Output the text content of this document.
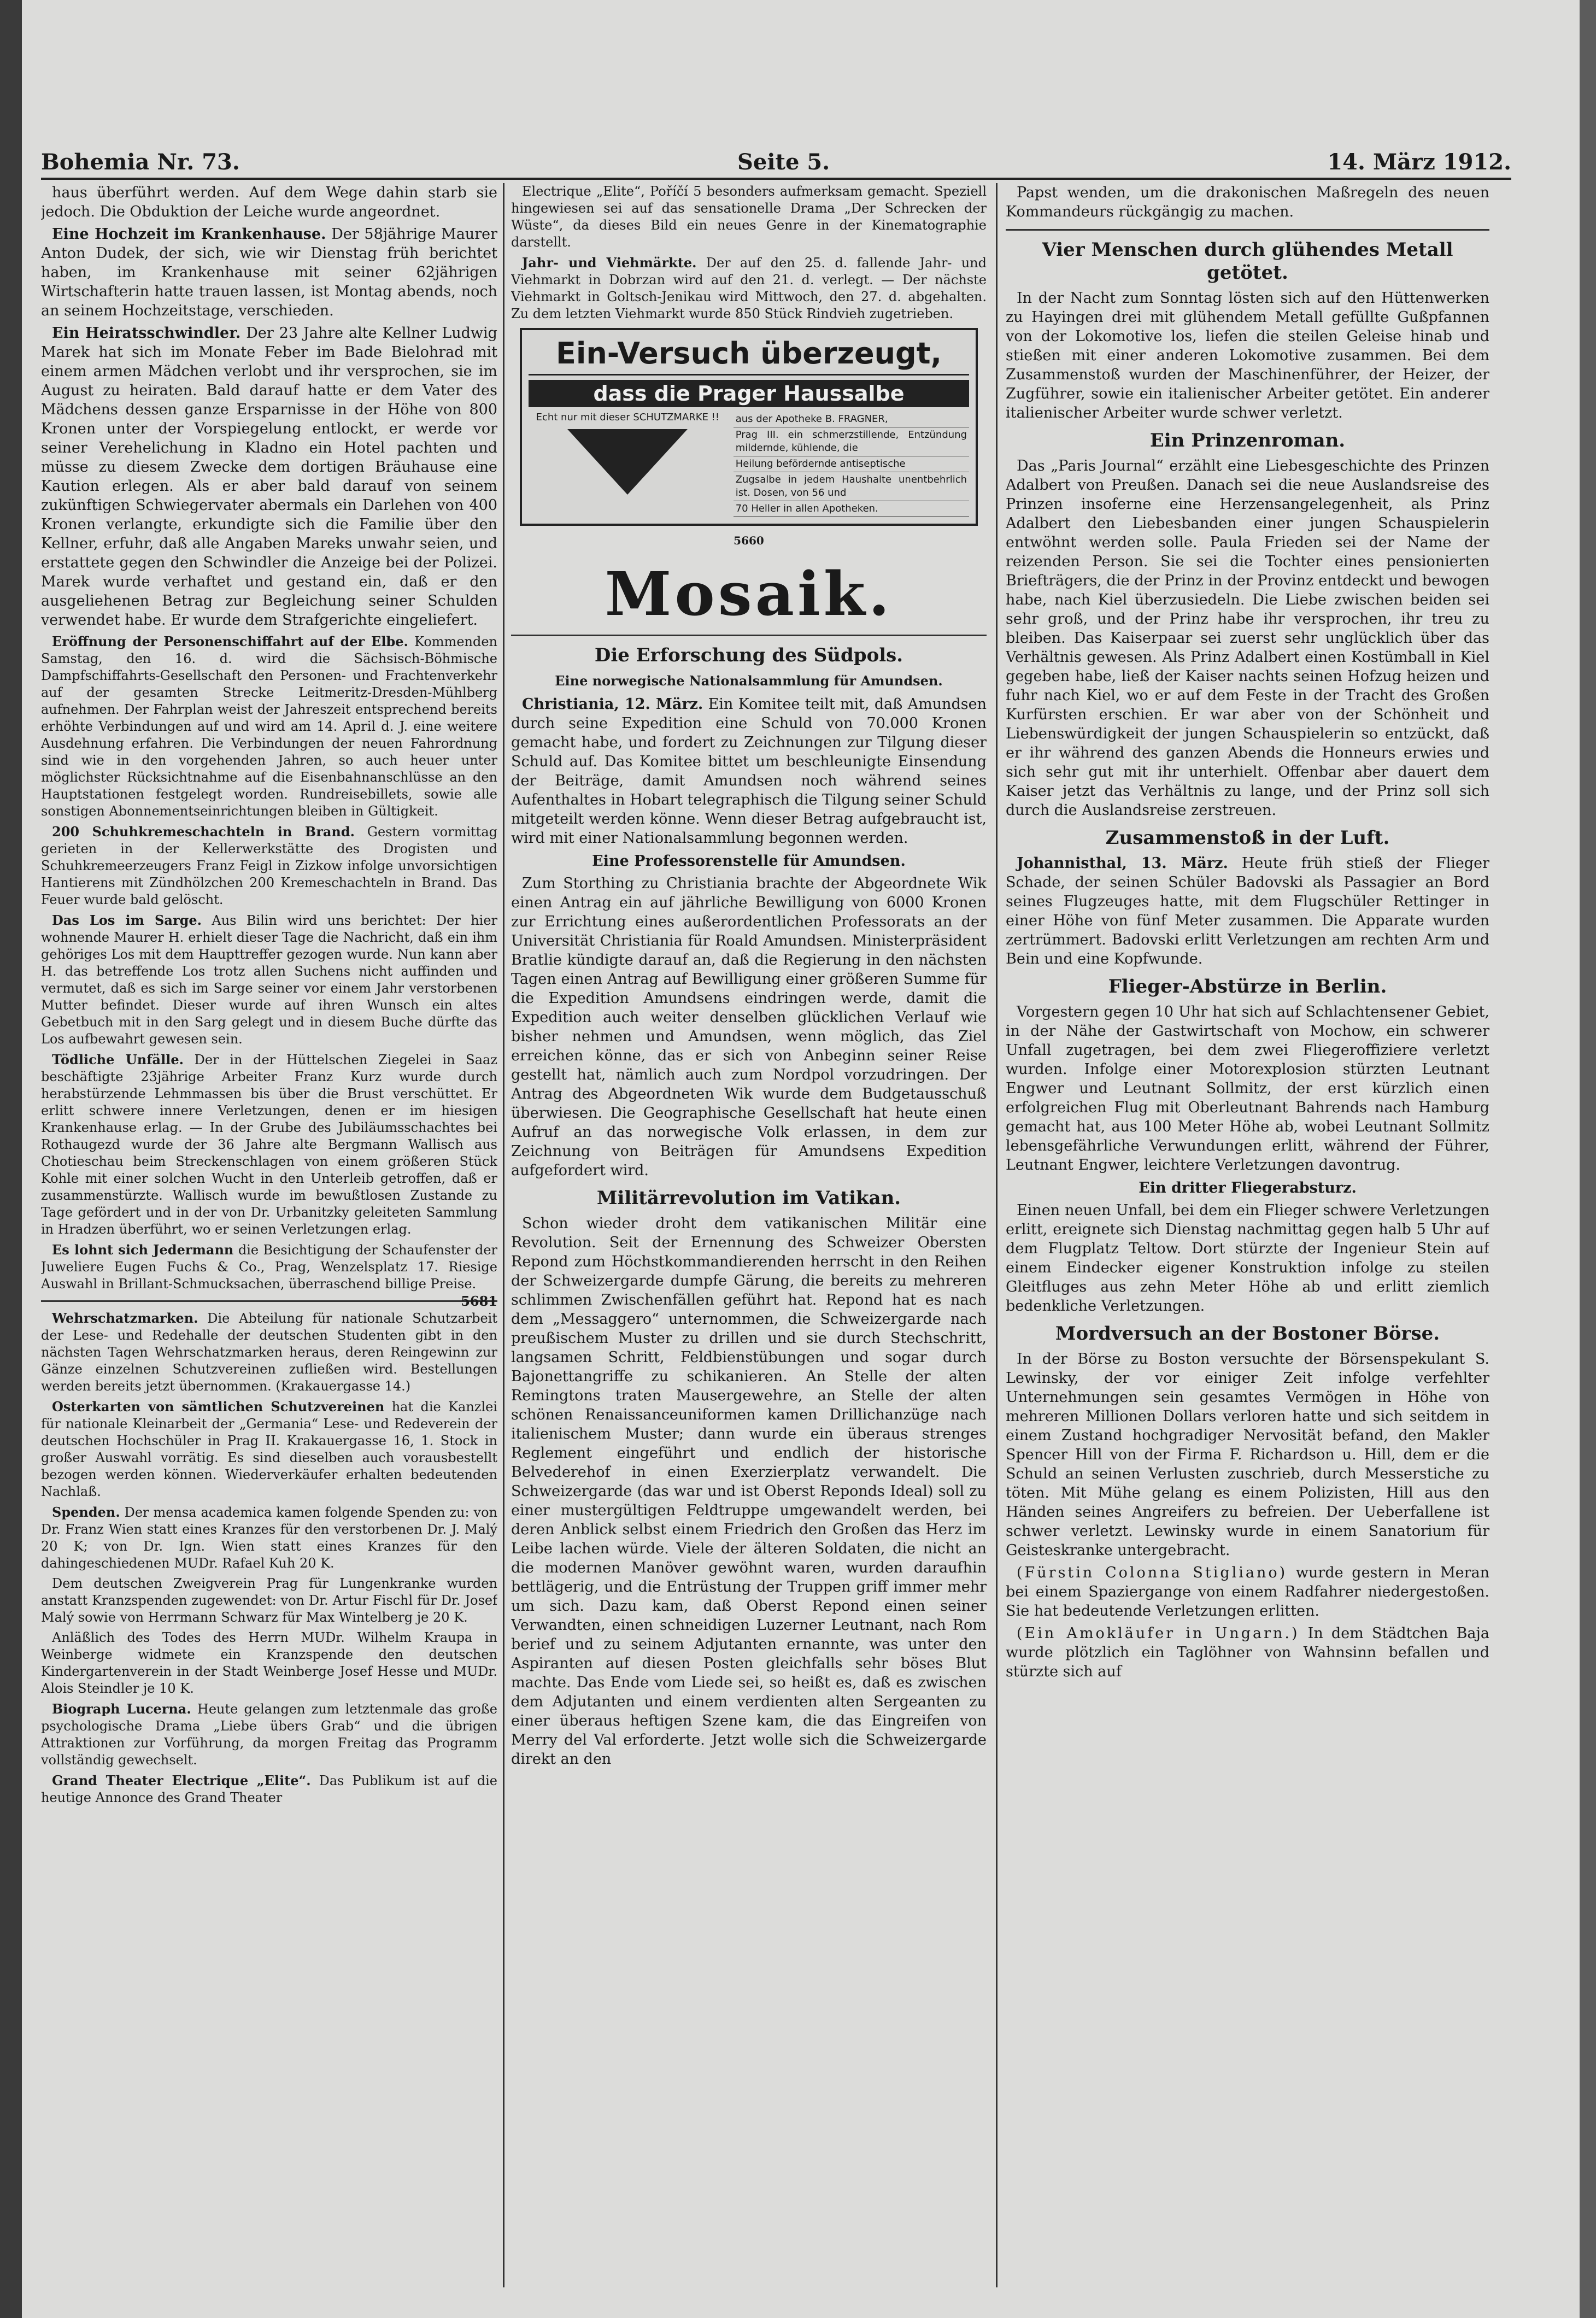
Bohemia Nr. 73.	Seite 5.	14. März 1912.

haus überführt werden. Auf dem Wege dahin starb sie jedoch. Die Obduktion der Leiche wurde angeordnet.

Eine Hochzeit im Krankenhause. Der 58jährige Maurer Anton Dudek, der sich, wie wir Dienstag früh berichtet haben, im Krankenhause mit seiner 62jährigen Wirtschafterin hatte trauen lassen, ist Montag abends, noch an seinem Hochzeitstage, verschieden.

Ein Heiratsschwindler. Der 23 Jahre alte Kellner Ludwig Marek hat sich im Monate Feber im Bade Bielohrad mit einem armen Mädchen verlobt und ihr versprochen, sie im August zu heiraten. Bald darauf hatte er dem Vater des Mädchens dessen ganze Ersparnisse in der Höhe von 800 Kronen unter der Vorspiegelung entlockt, er werde vor seiner Verehelichung in Kladno ein Hotel pachten und müsse zu diesem Zwecke dem dortigen Bräuhause eine Kaution erlegen. Als er aber bald darauf von seinem zukünftigen Schwiegervater abermals ein Darlehen von 400 Kronen verlangte, erkundigte sich die Familie über den Kellner, erfuhr, daß alle Angaben Mareks unwahr seien, und erstattete gegen den Schwindler die Anzeige bei der Polizei. Marek wurde verhaftet und gestand ein, daß er den ausgeliehenen Betrag zur Begleichung seiner Schulden verwendet habe. Er wurde dem Strafgerichte eingeliefert.

Eröffnung der Personenschiffahrt auf der Elbe. Kommenden Samstag, den 16. d. wird die Sächsisch-Böhmische Dampfschiffahrts-Gesellschaft den Personen- und Frachtenverkehr auf der gesamten Strecke Leitmeritz-Dresden-Mühlberg aufnehmen. Der Fahrplan weist der Jahreszeit entsprechend bereits erhöhte Verbindungen auf und wird am 14. April d. J. eine weitere Ausdehnung erfahren. Die Verbindungen der neuen Fahrordnung sind wie in den vorgehenden Jahren, so auch heuer unter möglichster Rücksichtnahme auf die Eisenbahnanschlüsse an den Hauptstationen festgelegt worden. Rundreisebillets, sowie alle sonstigen Abonnementseinrichtungen bleiben in Gültigkeit.

200 Schuhkremeschachteln in Brand. Gestern vormittag gerieten in der Kellerwerkstätte des Drogisten und Schuhkremeerzeugers Franz Feigl in Zizkow infolge unvorsichtigen Hantierens mit Zündhölzchen 200 Kremeschachteln in Brand. Das Feuer wurde bald gelöscht.

Das Los im Sarge. Aus Bilin wird uns berichtet: Der hier wohnende Maurer H. erhielt dieser Tage die Nachricht, daß ein ihm gehöriges Los mit dem Haupttreffer gezogen wurde. Nun kann aber H. das betreffende Los trotz allen Suchens nicht auffinden und vermutet, daß es sich im Sarge seiner vor einem Jahr verstorbenen Mutter befindet. Dieser wurde auf ihren Wunsch ein altes Gebetbuch mit in den Sarg gelegt und in diesem Buche dürfte das Los aufbewahrt gewesen sein.

Tödliche Unfälle. Der in der Hüttelschen Ziegelei in Saaz beschäftigte 23jährige Arbeiter Franz Kurz wurde durch herabstürzende Lehmmassen bis über die Brust verschüttet. Er erlitt schwere innere Verletzungen, denen er im hiesigen Krankenhause erlag. — In der Grube des Jubiläumsschachtes bei Rothaugezd wurde der 36 Jahre alte Bergmann Wallisch aus Chotieschau beim Streckenschlagen von einem größeren Stück Kohle mit einer solchen Wucht in den Unterleib getroffen, daß er zusammenstürzte. Wallisch wurde im bewußtlosen Zustande zu Tage gefördert und in der von Dr. Urbanitzky geleiteten Sammlung in Hradzen überführt, wo er seinen Verletzungen erlag.

Es lohnt sich Jedermann die Besichtigung der Schaufenster der Juweliere Eugen Fuchs & Co., Prag, Wenzelsplatz 17. Riesige Auswahl in Brillant-Schmucksachen, überraschend billige Preise.
5681

Wehrschatzmarken. Die Abteilung für nationale Schutzarbeit der Lese- und Redehalle der deutschen Studenten gibt in den nächsten Tagen Wehrschatzmarken heraus, deren Reingewinn zur Gänze einzelnen Schutzvereinen zufließen wird. Bestellungen werden bereits jetzt übernommen. (Krakauergasse 14.)

Osterkarten von sämtlichen Schutzvereinen hat die Kanzlei für nationale Kleinarbeit der „Germania“ Lese- und Redeverein der deutschen Hochschüler in Prag II. Krakauergasse 16, 1. Stock in großer Auswahl vorrätig. Es sind dieselben auch vorausbestellt bezogen werden können. Wiederverkäufer erhalten bedeutenden Nachlaß.

Spenden. Der mensa academica kamen folgende Spenden zu: von Dr. Franz Wien statt eines Kranzes für den verstorbenen Dr. J. Malý 20 K; von Dr. Ign. Wien statt eines Kranzes für den dahingeschiedenen MUDr. Rafael Kuh 20 K.

Dem deutschen Zweigverein Prag für Lungenkranke wurden anstatt Kranzspenden zugewendet: von Dr. Artur Fischl für Dr. Josef Malý sowie von Herrmann Schwarz für Max Wintelberg je 20 K.

Anläßlich des Todes des Herrn MUDr. Wilhelm Kraupa in Weinberge widmete ein Kranzspende den deutschen Kindergartenverein in der Stadt Weinberge Josef Hesse und MUDr. Alois Steindler je 10 K.

Biograph Lucerna. Heute gelangen zum letztenmale das große psychologische Drama „Liebe übers Grab“ und die übrigen Attraktionen zur Vorführung, da morgen Freitag das Programm vollständig gewechselt.

Grand Theater Electrique „Elite“. Das Publikum ist auf die heutige Annonce des Grand Theater

Electrique „Elite“, Poříčí 5 besonders aufmerksam gemacht. Speziell hingewiesen sei auf das sensationelle Drama „Der Schrecken der Wüste“, da dieses Bild ein neues Genre in der Kinematographie darstellt.

Jahr- und Viehmärkte. Der auf den 25. d. fallende Jahr- und Viehmarkt in Dobrzan wird auf den 21. d. verlegt. — Der nächste Viehmarkt in Goltsch-Jenikau wird Mittwoch, den 27. d. abgehalten. Zu dem letzten Viehmarkt wurde 850 Stück Rindvieh zugetrieben.

Ein-Versuch überzeugt,
dass die Prager Haussalbe
Echt nur mit dieser SCHUTZMARKE !!	aus der Apotheke B. FRAGNER,
Prag III. ein schmerzstillende, Entzündung mildernde, kühlende, die
Heilung befördernde antiseptische
Zugsalbe in jedem Haushalte unentbehrlich ist. Dosen, von 56 und
70 Heller in allen Apotheken.
5660
Mosaik.
Die Erforschung des Südpols.
Eine norwegische Nationalsammlung für Amundsen.

Christiania, 12. März. Ein Komitee teilt mit, daß Amundsen durch seine Expedition eine Schuld von 70.000 Kronen gemacht habe, und fordert zu Zeichnungen zur Tilgung dieser Schuld auf. Das Komitee bittet um beschleunigte Einsendung der Beiträge, damit Amundsen noch während seines Aufenthaltes in Hobart telegraphisch die Tilgung seiner Schuld mitgeteilt werden könne. Wenn dieser Betrag aufgebraucht ist, wird mit einer Nationalsammlung begonnen werden.

Eine Professorenstelle für Amundsen.

Zum Storthing zu Christiania brachte der Abgeordnete Wik einen Antrag ein auf jährliche Bewilligung von 6000 Kronen zur Errichtung eines außerordentlichen Professorats an der Universität Christiania für Roald Amundsen. Ministerpräsident Bratlie kündigte darauf an, daß die Regierung in den nächsten Tagen einen Antrag auf Bewilligung einer größeren Summe für die Expedition Amundsens eindringen werde, damit die Expedition auch weiter denselben glücklichen Verlauf wie bisher nehmen und Amundsen, wenn möglich, das Ziel erreichen könne, das er sich von Anbeginn seiner Reise gestellt hat, nämlich auch zum Nordpol vorzudringen. Der Antrag des Abgeordneten Wik wurde dem Budgetausschuß überwiesen. Die Geographische Gesellschaft hat heute einen Aufruf an das norwegische Volk erlassen, in dem zur Zeichnung von Beiträgen für Amundsens Expedition aufgefordert wird.

Militärrevolution im Vatikan.

Schon wieder droht dem vatikanischen Militär eine Revolution. Seit der Ernennung des Schweizer Obersten Repond zum Höchstkommandierenden herrscht in den Reihen der Schweizergarde dumpfe Gärung, die bereits zu mehreren schlimmen Zwischenfällen geführt hat. Repond hat es nach dem „Messaggero“ unternommen, die Schweizergarde nach preußischem Muster zu drillen und sie durch Stechschritt, langsamen Schritt, Feldbienstübungen und sogar durch Bajonettangriffe zu schikanieren. An Stelle der alten Remingtons traten Mausergewehre, an Stelle der alten schönen Renaissanceuniformen kamen Drillichanzüge nach italienischem Muster; dann wurde ein überaus strenges Reglement eingeführt und endlich der historische Belvederehof in einen Exerzierplatz verwandelt. Die Schweizergarde (das war und ist Oberst Reponds Ideal) soll zu einer mustergültigen Feldtruppe umgewandelt werden, bei deren Anblick selbst einem Friedrich den Großen das Herz im Leibe lachen würde. Viele der älteren Soldaten, die nicht an die modernen Manöver gewöhnt waren, wurden daraufhin bettlägerig, und die Entrüstung der Truppen griff immer mehr um sich. Dazu kam, daß Oberst Repond einen seiner Verwandten, einen schneidigen Luzerner Leutnant, nach Rom berief und zu seinem Adjutanten ernannte, was unter den Aspiranten auf diesen Posten gleichfalls sehr böses Blut machte. Das Ende vom Liede sei, so heißt es, daß es zwischen dem Adjutanten und einem verdienten alten Sergeanten zu einer überaus heftigen Szene kam, die das Eingreifen von Merry del Val erforderte. Jetzt wolle sich die Schweizergarde direkt an den

Papst wenden, um die drakonischen Maßregeln des neuen Kommandeurs rückgängig zu machen.

Vier Menschen durch glühendes Metall getötet.

In der Nacht zum Sonntag lösten sich auf den Hüttenwerken zu Hayingen drei mit glühendem Metall gefüllte Gußpfannen von der Lokomotive los, liefen die steilen Geleise hinab und stießen mit einer anderen Lokomotive zusammen. Bei dem Zusammenstoß wurden der Maschinenführer, der Heizer, der Zugführer, sowie ein italienischer Arbeiter getötet. Ein anderer italienischer Arbeiter wurde schwer verletzt.

Ein Prinzenroman.

Das „Paris Journal“ erzählt eine Liebesgeschichte des Prinzen Adalbert von Preußen. Danach sei die neue Auslandsreise des Prinzen insoferne eine Herzensangelegenheit, als Prinz Adalbert den Liebesbanden einer jungen Schauspielerin entwöhnt werden solle. Paula Frieden sei der Name der reizenden Person. Sie sei die Tochter eines pensionierten Briefträgers, die der Prinz in der Provinz entdeckt und bewogen habe, nach Kiel überzusiedeln. Die Liebe zwischen beiden sei sehr groß, und der Prinz habe ihr versprochen, ihr treu zu bleiben. Das Kaiserpaar sei zuerst sehr unglücklich über das Verhältnis gewesen. Als Prinz Adalbert einen Kostümball in Kiel gegeben habe, ließ der Kaiser nachts seinen Hofzug heizen und fuhr nach Kiel, wo er auf dem Feste in der Tracht des Großen Kurfürsten erschien. Er war aber von der Schönheit und Liebenswürdigkeit der jungen Schauspielerin so entzückt, daß er ihr während des ganzen Abends die Honneurs erwies und sich sehr gut mit ihr unterhielt. Offenbar aber dauert dem Kaiser jetzt das Verhältnis zu lange, und der Prinz soll sich durch die Auslandsreise zerstreuen.

Zusammenstoß in der Luft.

Johannisthal, 13. März. Heute früh stieß der Flieger Schade, der seinen Schüler Badovski als Passagier an Bord seines Flugzeuges hatte, mit dem Flugschüler Rettinger in einer Höhe von fünf Meter zusammen. Die Apparate wurden zertrümmert. Badovski erlitt Verletzungen am rechten Arm und Bein und eine Kopfwunde.

Flieger-Abstürze in Berlin.

Vorgestern gegen 10 Uhr hat sich auf Schlachtensener Gebiet, in der Nähe der Gastwirtschaft von Mochow, ein schwerer Unfall zugetragen, bei dem zwei Fliegeroffiziere verletzt wurden. Infolge einer Motorexplosion stürzten Leutnant Engwer und Leutnant Sollmitz, der erst kürzlich einen erfolgreichen Flug mit Oberleutnant Bahrends nach Hamburg gemacht hat, aus 100 Meter Höhe ab, wobei Leutnant Sollmitz lebensgefährliche Verwundungen erlitt, während der Führer, Leutnant Engwer, leichtere Verletzungen davontrug.

Ein dritter Fliegerabsturz.

Einen neuen Unfall, bei dem ein Flieger schwere Verletzungen erlitt, ereignete sich Dienstag nachmittag gegen halb 5 Uhr auf dem Flugplatz Teltow. Dort stürzte der Ingenieur Stein auf einem Eindecker eigener Konstruktion infolge zu steilen Gleitfluges aus zehn Meter Höhe ab und erlitt ziemlich bedenkliche Verletzungen.

Mordversuch an der Bostoner Börse.

In der Börse zu Boston versuchte der Börsenspekulant S. Lewinsky, der vor einiger Zeit infolge verfehlter Unternehmungen sein gesamtes Vermögen in Höhe von mehreren Millionen Dollars verloren hatte und sich seitdem in einem Zustand hochgradiger Nervosität befand, den Makler Spencer Hill von der Firma F. Richardson u. Hill, dem er die Schuld an seinen Verlusten zuschrieb, durch Messerstiche zu töten. Mit Mühe gelang es einem Polizisten, Hill aus den Händen seines Angreifers zu befreien. Der Ueberfallene ist schwer verletzt. Lewinsky wurde in einem Sanatorium für Geisteskranke untergebracht.

(Fürstin Colonna Stigliano) wurde gestern in Meran bei einem Spaziergange von einem Radfahrer niedergestoßen. Sie hat bedeutende Verletzungen erlitten.

(Ein Amokläufer in Ungarn.) In dem Städtchen Baja wurde plötzlich ein Taglöhner von Wahnsinn befallen und stürzte sich auf
